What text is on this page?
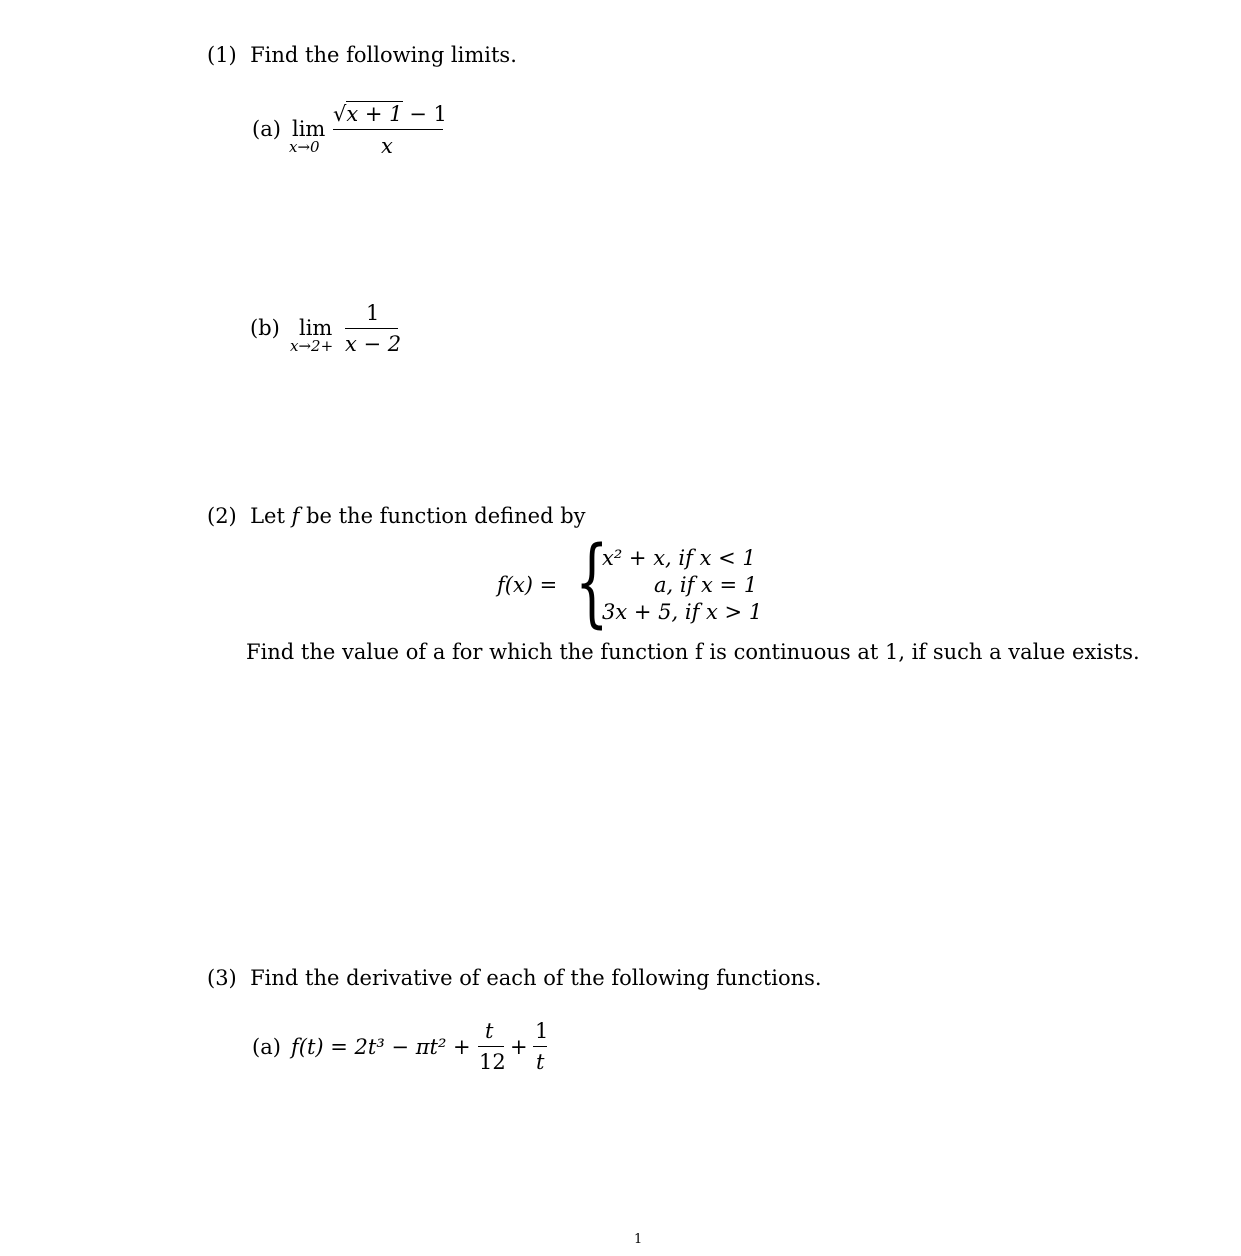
(1) Find the following limits.
(a) lim
x→0
√x + 1 − 1
x
(b) lim
x→2+
1
x − 2
(2) Let f be the function defined by
f(x) = {
x² + x, if x < 1
a, if x = 1
3x + 5, if x > 1
Find the value of a for which the function f is continuous at 1, if such a value exists.
(3) Find the derivative of each of the following functions.
(a) f(t) = 2t³ − πt² +
t
12
+
1
t
1
